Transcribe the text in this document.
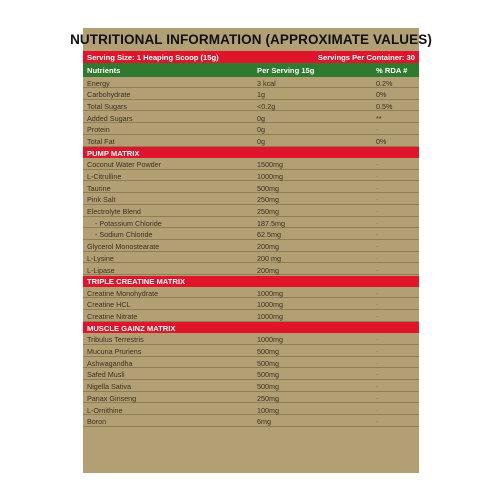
NUTRITIONAL INFORMATION (APPROXIMATE VALUES)
Serving Size: 1 Heaping Scoop (15g)	Servings Per Container: 30
Nutrients	Per Serving 15g	% RDA #
Energy	3 kcal	0.2%
Carbohydrate	1g	0%
Total Sugars	<0.2g	0.5%
Added Sugars	0g	**
Protein	0g	-
Total Fat	0g	0%
PUMP MATRIX
Coconut Water Powder	1500mg	-
L-Citrulline	1000mg	-
Taurine	500mg	-
Pink Salt	250mg	-
Electrolyte Blend	250mg	-
- Potassium Chloride	187.5mg	-
- Sodium Chloride	62.5mg	-
Glycerol Monostearate	200mg	-
L-Lysine	200 mg	-
L-Lipase	200mg	-
TRIPLE CREATINE MATRIX
Creatine Monohydrate	1000mg	-
Creatine HCL	1000mg	-
Creatine Nitrate	1000mg	-
MUSCLE GAINZ MATRIX
Tribulus Terrestris	1000mg	-
Mucuna Pruriens	500mg	-
Ashwagandha	500mg	-
Safed Musli	500mg	-
Nigella Sativa	500mg	-
Panax Ginseng	250mg	-
L-Ornithine	100mg	-
Boron	6mg	-
